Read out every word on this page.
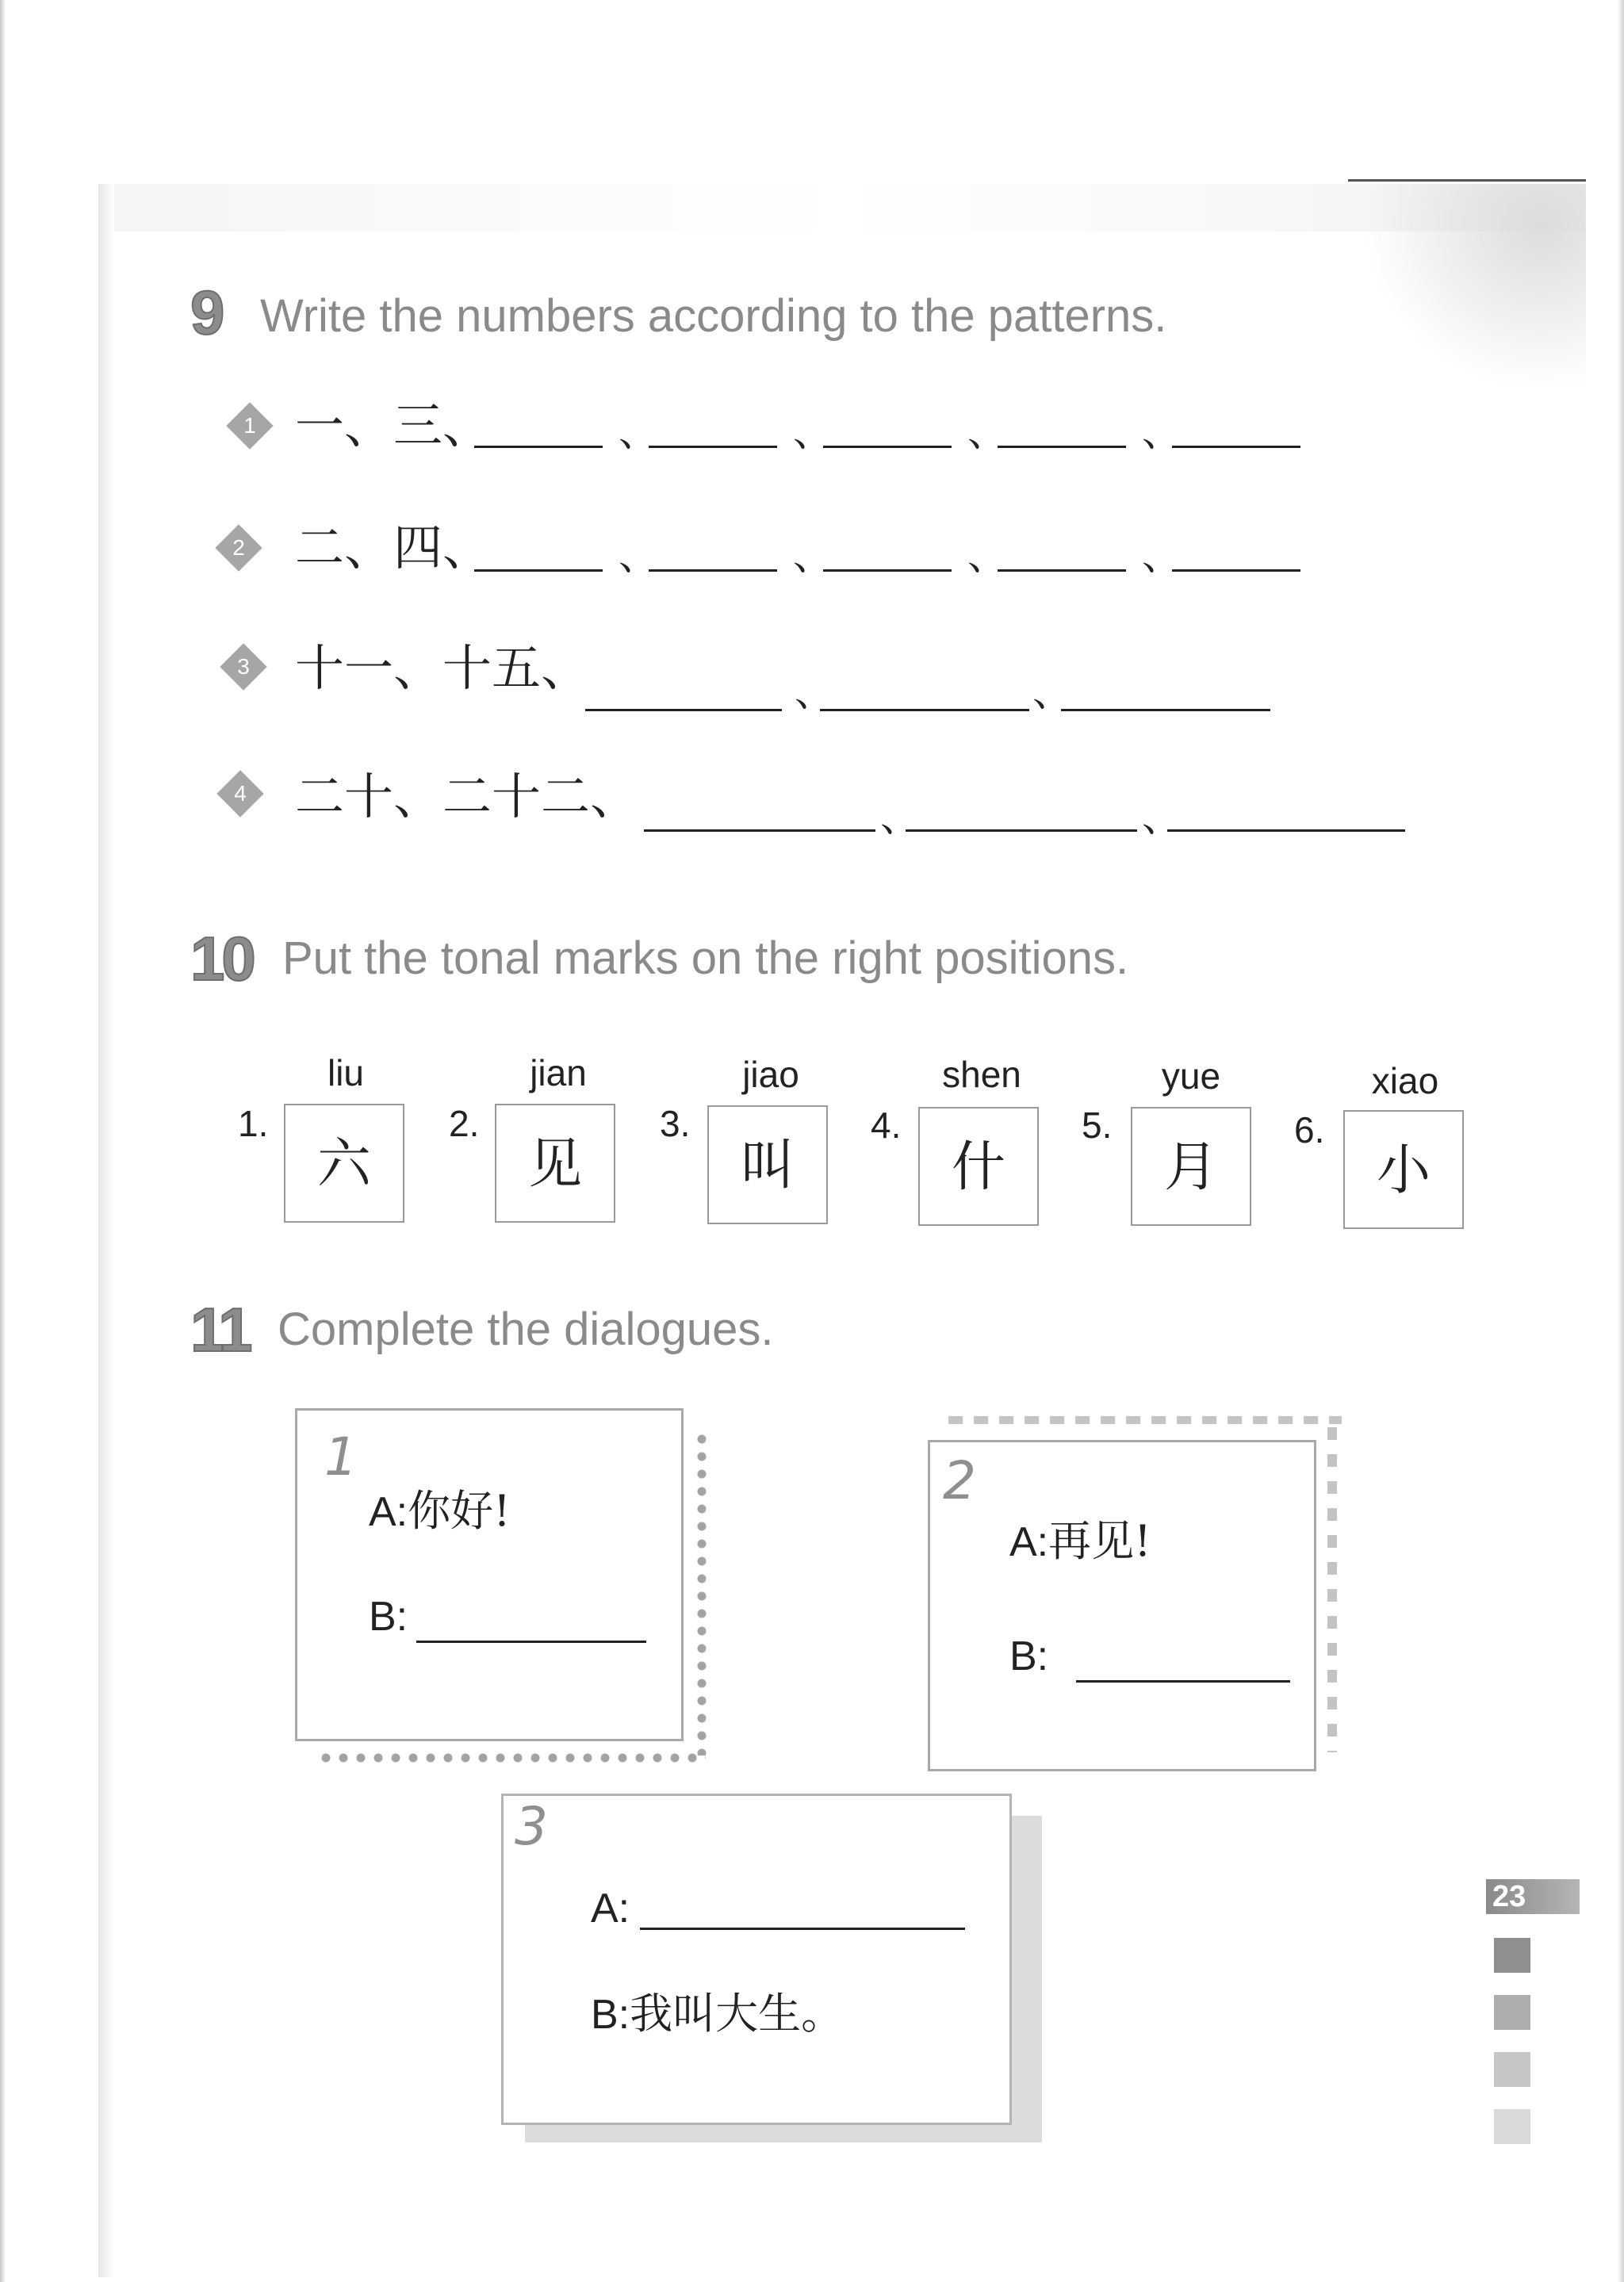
9 Write the numbers according to the patterns.
1 一、三、	、	、	、	、
2	二、四、	、	、	、	、
3 十一、十五、	、	、
4 二十、二十二、	、	、
10 Put the tonal marks on the right positions.
liu
1.
六
jian
2.
见
jiao
3.
叫
shen
4.
什
yue
5.
月
xiao
6.
小
11 Complete the dialogues.
1
A:你好!
B:
2
A:再见!
B:
3
A:
B:我叫大生。
23
